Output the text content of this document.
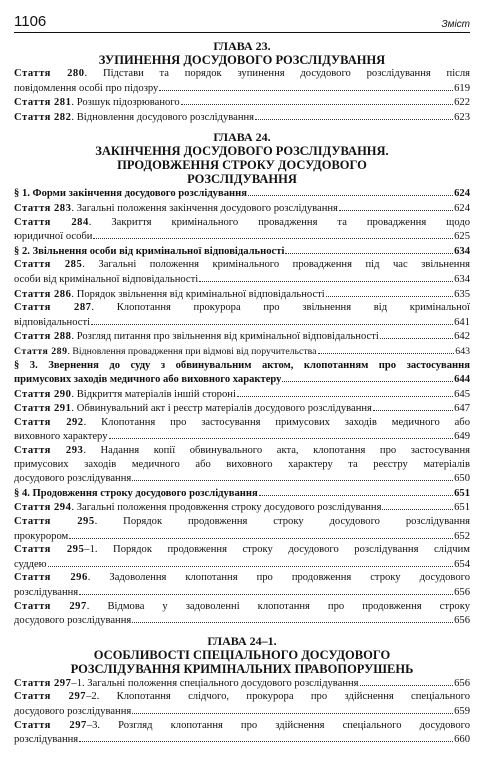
1106	Зміст
ГЛАВА 23.
ЗУПИНЕННЯ ДОСУДОВОГО РОЗСЛІДУВАННЯ
Стаття 280. Підстави та порядок зупинення досудового розслідування після
повідомлення особі про підозру	619
Стаття 281 . Розшук підозрюваного	622
Стаття 282 . Відновлення досудового розслідування	623
ГЛАВА 24.
ЗАКІНЧЕННЯ ДОСУДОВОГО РОЗСЛІДУВАННЯ.
ПРОДОВЖЕННЯ СТРОКУ ДОСУДОВОГО
РОЗСЛІДУВАННЯ
§ 1. Форми закінчення досудового розслідування	624
Стаття 283 . Загальні положення закінчення досудового розслідування	624
Стаття 284. Закриття кримінального провадження та провадження щодо
юридичної особи	625
§ 2. Звільнення особи від кримінальної відповідальності	634
Стаття 285. Загальні положення кримінального провадження під час звільнення
особи від кримінальної відповідальності	634
Стаття 286 . Порядок звільнення від кримінальної відповідальності	635
Стаття 287. Клопотання прокурора про звільнення від кримінальної
відповідальності	641
Стаття 288 . Розгляд питання про звільнення від кримінальної відповідальності	642
Стаття 289 . Відновлення провадження при відмові від поручительства	643
§ 3. Звернення до суду з обвинувальним актом, клопотанням про застосування
примусових заходів медичного або виховного характеру	644
Стаття 290 . Відкриття матеріалів іншій стороні	645
Стаття 291 . Обвинувальний акт і реєстр матеріалів досудового розслідування	647
Стаття 292. Клопотання про застосування примусових заходів медичного або
виховного характеру	649
Стаття 293. Надання копії обвинувального акта, клопотання про застосування
примусових заходів медичного або виховного характеру та реєстру матеріалів
досудового розслідування	650
§ 4. Продовження строку досудового розслідування	651
Стаття 294 . Загальні положення продовження строку досудового розслідування	651
Стаття 295. Порядок продовження строку досудового розслідування
прокурором	652
Стаття 295–1. Порядок продовження строку досудового розслідування слідчим
суддею	654
Стаття 296. Задоволення клопотання про продовження строку досудового
розслідування	656
Стаття 297. Відмова у задоволенні клопотання про продовження строку
досудового розслідування	656
ГЛАВА 24–1.
ОСОБЛИВОСТІ СПЕЦІАЛЬНОГО ДОСУДОВОГО
РОЗСЛІДУВАННЯ КРИМІНАЛЬНИХ ПРАВОПОРУШЕНЬ
Стаття 297 –1. Загальні положення спеціального досудового розслідування	656
Стаття 297–2. Клопотання слідчого, прокурора про здійснення спеціального
досудового розслідування	659
Стаття 297–3. Розгляд клопотання про здійснення спеціального досудового
розслідування	660
